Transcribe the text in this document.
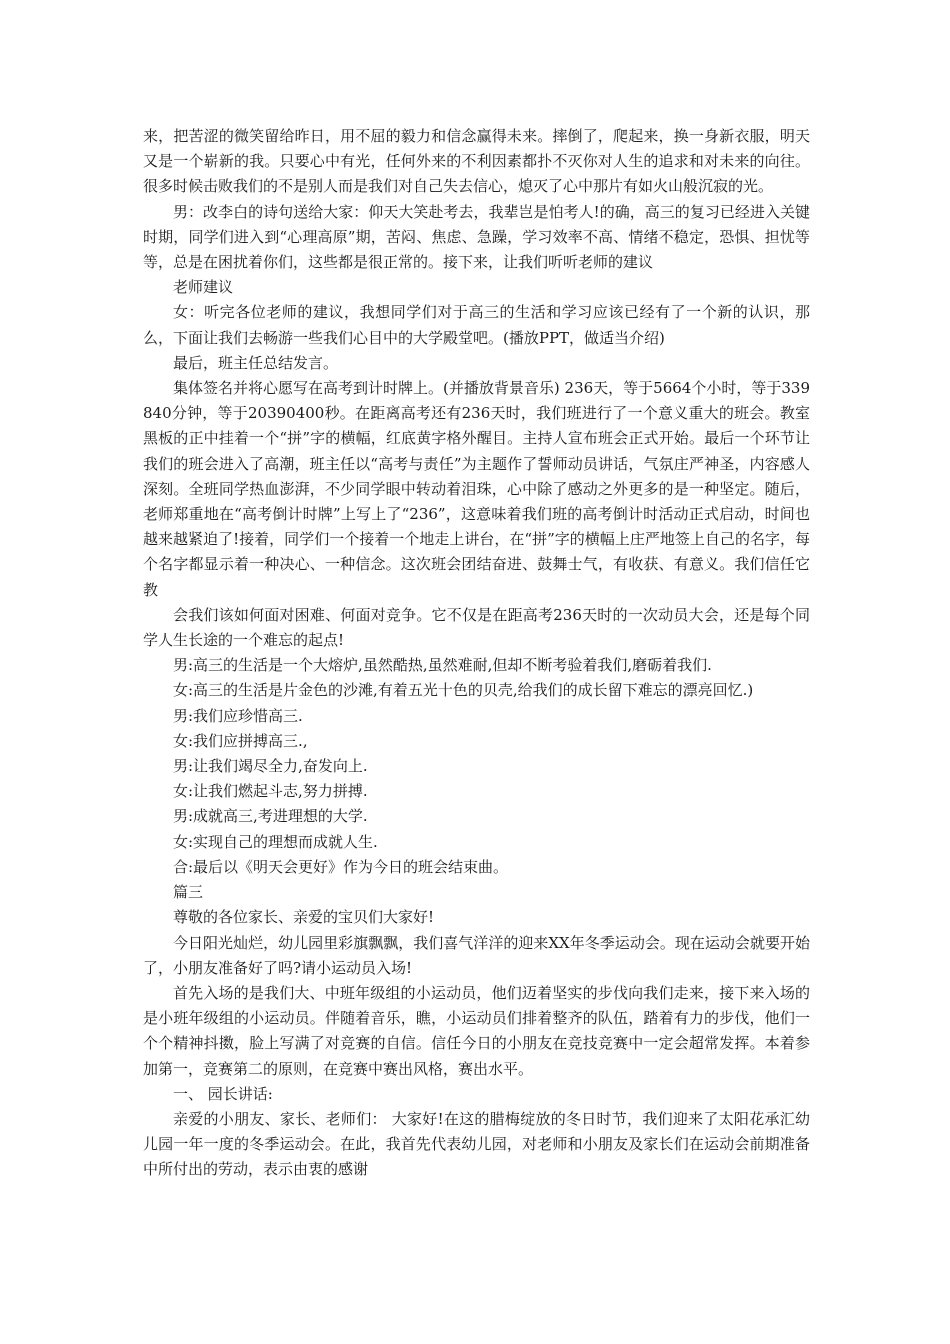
来，把苦涩的微笑留给昨日，用不屈的毅力和信念赢得未来。摔倒了，爬起来，换一身新衣服，明天又是一个崭新的我。只要心中有光，任何外来的不利因素都扑不灭你对人生的追求和对未来的向往。很多时候击败我们的不是别人而是我们对自己失去信心，熄灭了心中那片有如火山般沉寂的光。

男：改李白的诗句送给大家：仰天大笑赴考去，我辈岂是怕考人!的确，高三的复习已经进入关键时期，同学们进入到“心理高原”期，苦闷、焦虑、急躁，学习效率不高、情绪不稳定，恐惧、担忧等等，总是在困扰着你们，这些都是很正常的。接下来，让我们听听老师的建议

老师建议

女：听完各位老师的建议，我想同学们对于高三的生活和学习应该已经有了一个新的认识，那么，下面让我们去畅游一些我们心目中的大学殿堂吧。(播放PPT，做适当介绍)

最后，班主任总结发言。

集体签名并将心愿写在高考到计时牌上。(并播放背景音乐) 236天，等于5664个小时，等于339840分钟，等于20390400秒。在距离高考还有236天时，我们班进行了一个意义重大的班会。教室黑板的正中挂着一个“拼”字的横幅，红底黄字格外醒目。主持人宣布班会正式开始。最后一个环节让我们的班会进入了高潮，班主任以“高考与责任”为主题作了誓师动员讲话，气氛庄严神圣，内容感人深刻。全班同学热血澎湃，不少同学眼中转动着泪珠，心中除了感动之外更多的是一种坚定。随后，老师郑重地在“高考倒计时牌”上写上了“236”，这意味着我们班的高考倒计时活动正式启动，时间也越来越紧迫了!接着，同学们一个接着一个地走上讲台，在“拼”字的横幅上庄严地签上自己的名字，每个名字都显示着一种决心、一种信念。这次班会团结奋进、鼓舞士气，有收获、有意义。我们信任它教

会我们该如何面对困难、何面对竞争。它不仅是在距高考236天时的一次动员大会，还是每个同学人生长途的一个难忘的起点!

男:高三的生活是一个大熔炉,虽然酷热,虽然难耐,但却不断考验着我们,磨砺着我们.

女:高三的生活是片金色的沙滩,有着五光十色的贝壳,给我们的成长留下难忘的漂亮回忆.)

男:我们应珍惜高三.

女:我们应拼搏高三.,

男:让我们竭尽全力,奋发向上.

女:让我们燃起斗志,努力拼搏.

男:成就高三,考进理想的大学.

女:实现自己的理想而成就人生.

合:最后以《明天会更好》作为今日的班会结束曲。

篇三

尊敬的各位家长、亲爱的宝贝们大家好!

今日阳光灿烂，幼儿园里彩旗飘飘，我们喜气洋洋的迎来XX年冬季运动会。现在运动会就要开始了，小朋友准备好了吗?请小运动员入场!

首先入场的是我们大、中班年级组的小运动员，他们迈着坚实的步伐向我们走来，接下来入场的是小班年级组的小运动员。伴随着音乐，瞧，小运动员们排着整齐的队伍，踏着有力的步伐，他们一个个精神抖擞，脸上写满了对竞赛的自信。信任今日的小朋友在竞技竞赛中一定会超常发挥。本着参加第一，竞赛第二的原则，在竞赛中赛出风格，赛出水平。

一、 园长讲话:

亲爱的小朋友、家长、老师们： 大家好!在这的腊梅绽放的冬日时节，我们迎来了太阳花承汇幼儿园一年一度的冬季运动会。在此，我首先代表幼儿园，对老师和小朋友及家长们在运动会前期准备中所付出的劳动，表示由衷的感谢
